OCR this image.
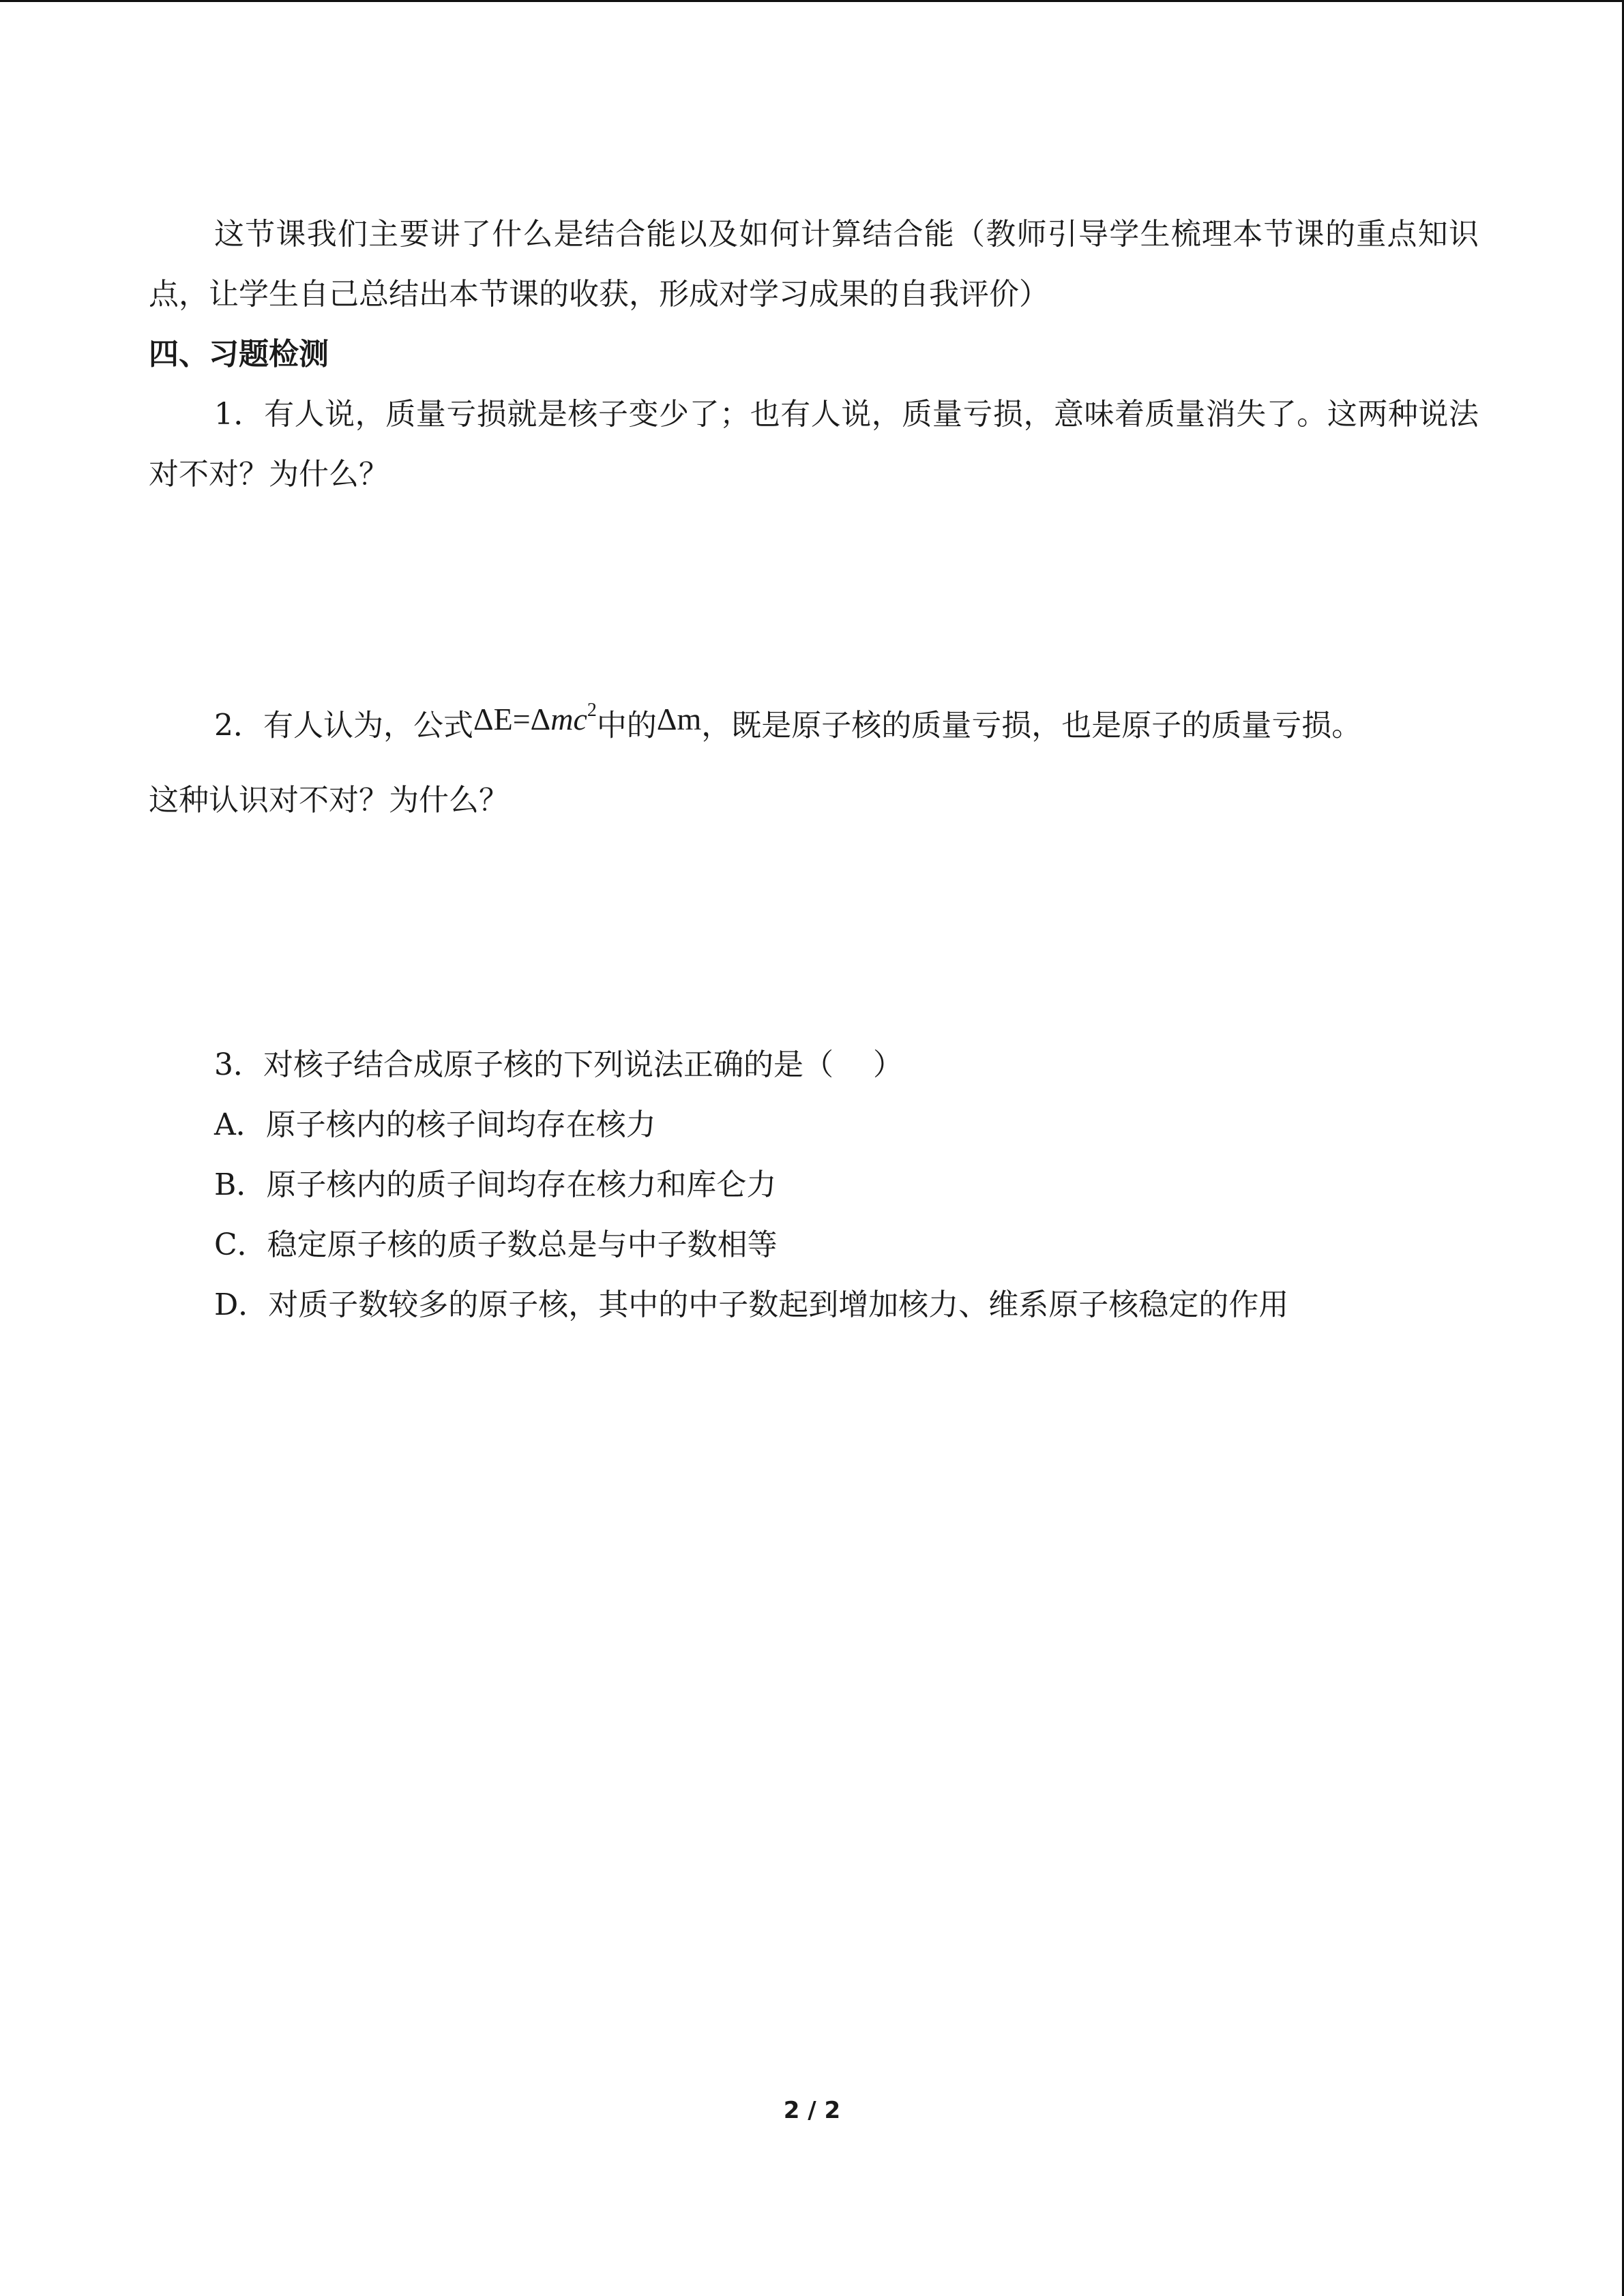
这节课我们主要讲了什么是结合能以及如何计算结合能（教师引导学生梳理本节课的重点知识点，让学生自己总结出本节课的收获，形成对学习成果的自我评价）

四、习题检测

1．有人说，质量亏损就是核子变少了；也有人说，质量亏损，意味着质量消失了。这两种说法对不对？为什么？

2．有人认为，公式ΔE=Δmc$^2$中的Δm，既是原子核的质量亏损，也是原子的质量亏损。

这种认识对不对？为什么？

3．对核子结合成原子核的下列说法正确的是（　 ）

A．原子核内的核子间均存在核力

B．原子核内的质子间均存在核力和库仑力

C．稳定原子核的质子数总是与中子数相等

D．对质子数较多的原子核，其中的中子数起到增加核力、维系原子核稳定的作用

2 / 2
